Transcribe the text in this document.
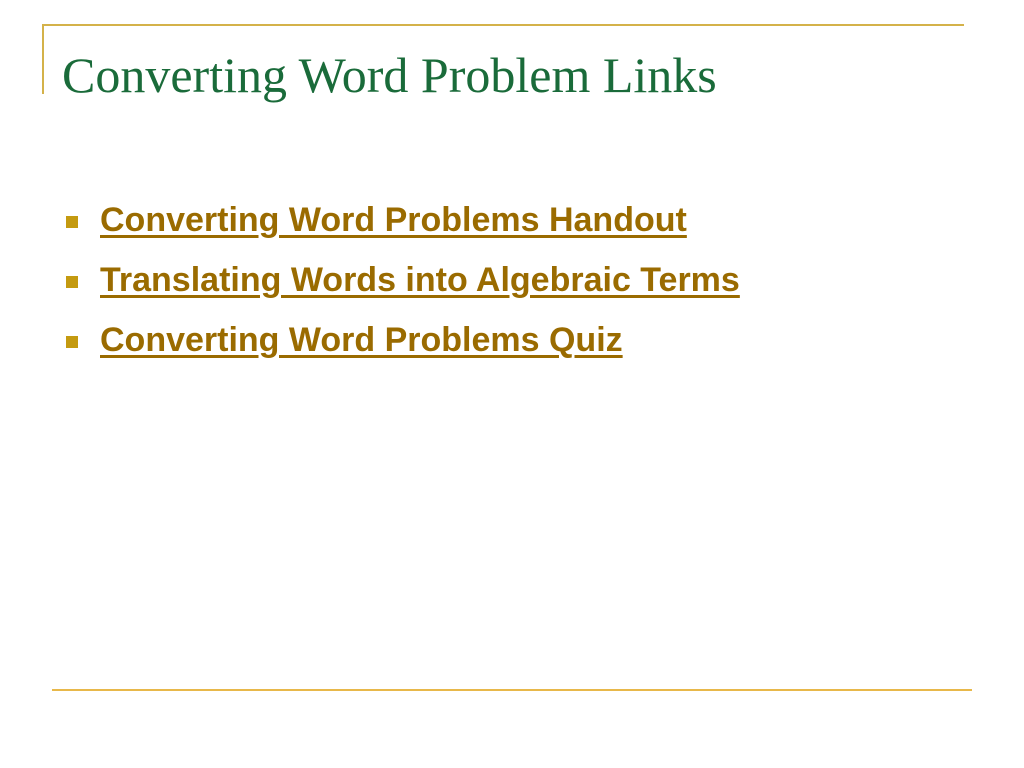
Converting Word Problem Links
Converting Word Problems Handout
Translating Words into Algebraic Terms
Converting Word Problems Quiz
